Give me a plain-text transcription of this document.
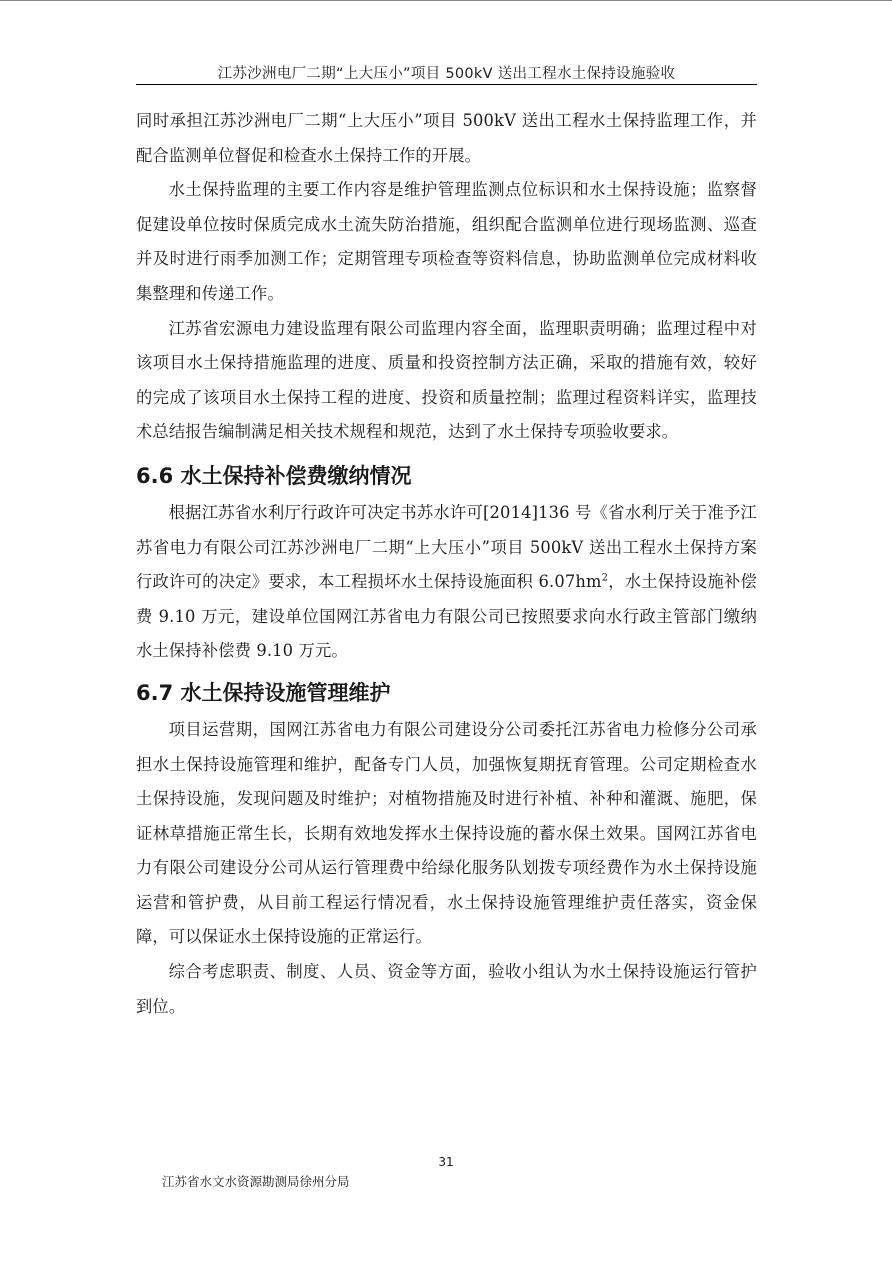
江苏沙洲电厂二期“上大压小”项目 500kV 送出工程水土保持设施验收

同时承担江苏沙洲电厂二期“上大压小”项目 500kV 送出工程水土保持监理工作，并配合监测单位督促和检查水土保持工作的开展。

水土保持监理的主要工作内容是维护管理监测点位标识和水土保持设施；监察督促建设单位按时保质完成水土流失防治措施，组织配合监测单位进行现场监测、巡查并及时进行雨季加测工作；定期管理专项检查等资料信息，协助监测单位完成材料收集整理和传递工作。

江苏省宏源电力建设监理有限公司监理内容全面，监理职责明确；监理过程中对该项目水土保持措施监理的进度、质量和投资控制方法正确，采取的措施有效，较好的完成了该项目水土保持工程的进度、投资和质量控制；监理过程资料详实，监理技术总结报告编制满足相关技术规程和规范，达到了水土保持专项验收要求。

6.6 水土保持补偿费缴纳情况

根据江苏省水利厅行政许可决定书苏水许可[2014]136 号《省水利厅关于准予江苏省电力有限公司江苏沙洲电厂二期“上大压小”项目 500kV 送出工程水土保持方案行政许可的决定》要求，本工程损坏水土保持设施面积 $6.07hm^2$，水土保持设施补偿费 9.10 万元，建设单位国网江苏省电力有限公司已按照要求向水行政主管部门缴纳水土保持补偿费 9.10 万元。

6.7 水土保持设施管理维护

项目运营期，国网江苏省电力有限公司建设分公司委托江苏省电力检修分公司承担水土保持设施管理和维护，配备专门人员，加强恢复期抚育管理。公司定期检查水土保持设施，发现问题及时维护；对植物措施及时进行补植、补种和灌溉、施肥，保证林草措施正常生长，长期有效地发挥水土保持设施的蓄水保土效果。国网江苏省电力有限公司建设分公司从运行管理费中给绿化服务队划拨专项经费作为水土保持设施运营和管护费，从目前工程运行情况看，水土保持设施管理维护责任落实，资金保障，可以保证水土保持设施的正常运行。

综合考虑职责、制度、人员、资金等方面，验收小组认为水土保持设施运行管护到位。

31
江苏省水文水资源勘测局徐州分局
